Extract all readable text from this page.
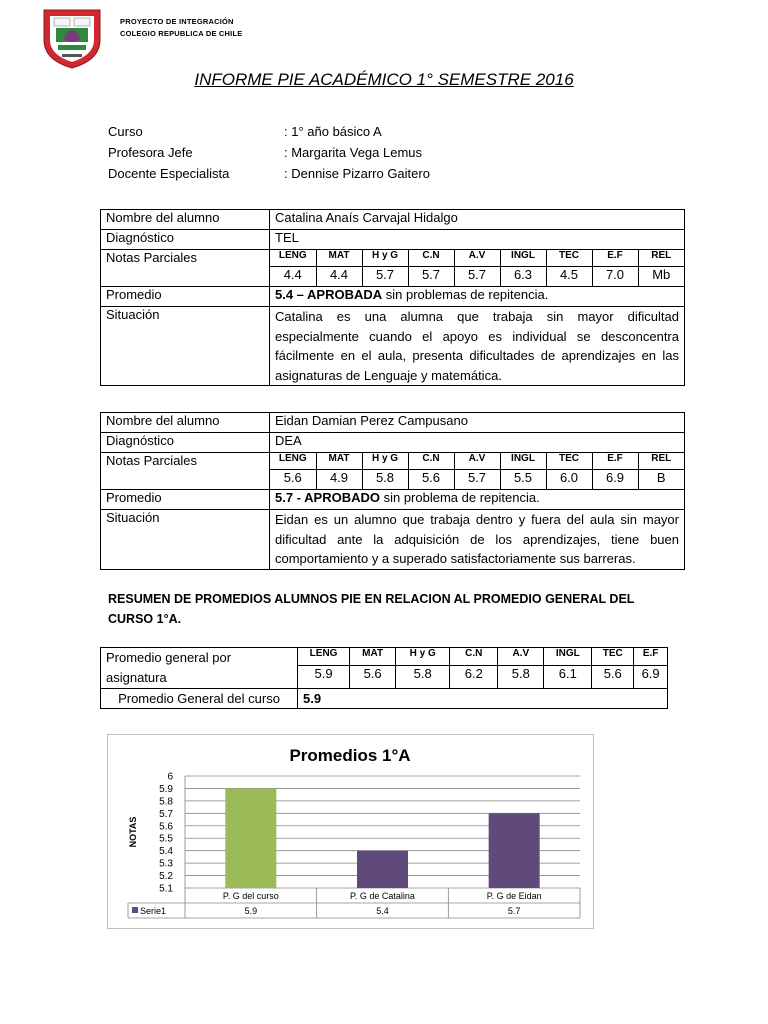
PROYECTO DE INTEGRACIÓN
COLEGIO REPUBLICA DE CHILE
INFORME PIE ACADÉMICO 1° SEMESTRE 2016
Curso	: 1° año básico A
Profesora Jefe	: Margarita Vega Lemus
Docente Especialista	: Dennise Pizarro Gaitero
Nombre del alumno	Catalina Anaís Carvajal Hidalgo
Diagnóstico	TEL
Notas Parciales		LENG	MAT	H y G	C.N	A.V	INGL	TEC	E.F	REL
4.4	4.4	5.7	5.7	5.7	6.3	4.5	7.0	Mb

Promedio	5.4 – APROBADA sin problemas de repitencia.
Situación	Catalina es una alumna que trabaja sin mayor dificultad especialmente cuando el apoyo es individual se desconcentra fácilmente en el aula, presenta dificultades de aprendizajes en las asignaturas de Lenguaje y matemática.
Nombre del alumno	Eidan Damian Perez Campusano
Diagnóstico	DEA
Notas Parciales		LENG	MAT	H y G	C.N	A.V	INGL	TEC	E.F	REL
5.6	4.9	5.8	5.6	5.7	5.5	6.0	6.9	B

Promedio	5.7 - APROBADO sin problema de repitencia.
Situación	Eidan es un alumno que trabaja dentro y fuera del aula sin mayor dificultad ante la adquisición de los aprendizajes, tiene buen comportamiento y a superado satisfactoriamente sus barreras.
RESUMEN DE PROMEDIOS ALUMNOS PIE EN RELACION AL PROMEDIO GENERAL DEL CURSO 1°A.
Promedio general por asignatura	LENG	MAT	H y G	C.N	A.V	INGL	TEC	E.F
	5.9	5.6	5.8	6.2	5.8	6.1	5.6	6.9
Promedio General del curso	5.9							
Promedios 1°A
NOTAS
6
5.9
5.8
5.7
5.6
5.5
5.4
5.3
5.2
5.1
P. G del curso
5.9
P. G de Catalina
5.4
P. G de Eidan
5.7
Serie1
